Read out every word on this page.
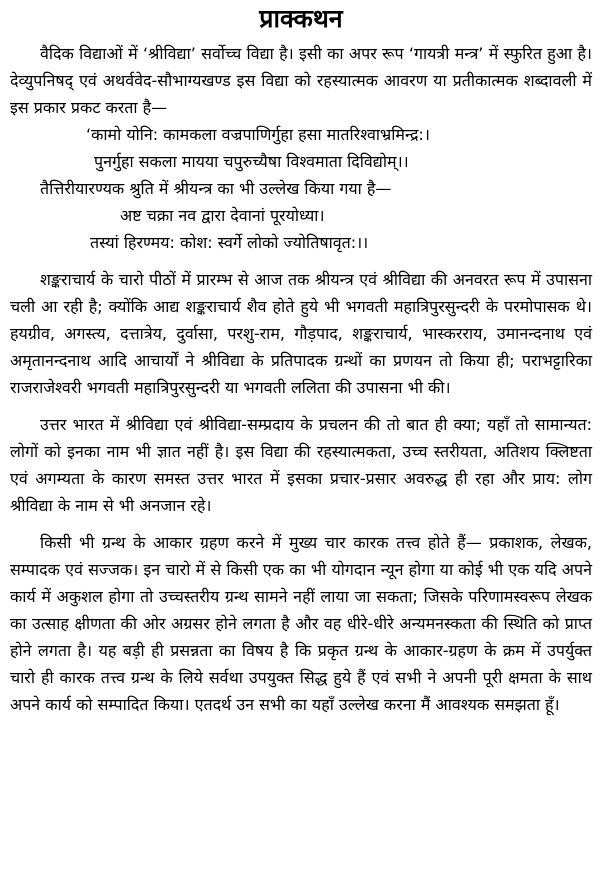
प्राक्कथन

वैदिक विद्याओं में ‘श्रीविद्या’ सर्वोच्च विद्या है। इसी का अपर रूप ‘गायत्री मन्त्र’ में स्फुरित हुआ है। देव्युपनिषद् एवं अथर्ववेद-सौभाग्यखण्ड इस विद्या को रहस्यात्मक आवरण या प्रतीकात्मक शब्दावली में इस प्रकार प्रकट करता है—

‘कामो योनि: कामकला वज्रपाणिर्गुहा हसा मातरिश्वाभ्रमिन्द्र:।
पुनर्गुहा सकला मायया चपुरुच्यैषा विश्वमाता दिविद्योम्।।

तैत्तिरीयारण्यक श्रुति में श्रीयन्त्र का भी उल्लेख किया गया है—

अष्ट चक्रा नव द्वारा देवानां पूरयोध्या।
तस्यां हिरण्मय: कोश: स्वर्गे लोको ज्योतिषावृत:।।

शङ्कराचार्य के चारो पीठों में प्रारम्भ से आज तक श्रीयन्त्र एवं श्रीविद्या की अनवरत रूप में उपासना चली आ रही है; क्योंकि आद्य शङ्कराचार्य शैव होते हुये भी भगवती महात्रिपुरसुन्दरी के परमोपासक थे। हयग्रीव, अगस्त्य, दत्तात्रेय, दुर्वासा, परशु-राम, गौड़पाद, शङ्कराचार्य, भास्करराय, उमानन्दनाथ एवं अमृतानन्दनाथ आदि आचार्यों ने श्रीविद्या के प्रतिपादक ग्रन्थों का प्रणयन तो किया ही; पराभट्टारिका राजराजेश्वरी भगवती महात्रिपुरसुन्दरी या भगवती ललिता की उपासना भी की।

उत्तर भारत में श्रीविद्या एवं श्रीविद्या-सम्प्रदाय के प्रचलन की तो बात ही क्या; यहाँ तो सामान्यत: लोगों को इनका नाम भी ज्ञात नहीं है। इस विद्या की रहस्यात्मकता, उच्च स्तरीयता, अतिशय क्लिष्टता एवं अगम्यता के कारण समस्त उत्तर भारत में इसका प्रचार-प्रसार अवरुद्ध ही रहा और प्राय: लोग श्रीविद्या के नाम से भी अनजान रहे।

किसी भी ग्रन्थ के आकार ग्रहण करने में मुख्य चार कारक तत्त्व होते हैं— प्रकाशक, लेखक, सम्पादक एवं सज्जक। इन चारो में से किसी एक का भी योगदान न्यून होगा या कोई भी एक यदि अपने कार्य में अकुशल होगा तो उच्चस्तरीय ग्रन्थ सामने नहीं लाया जा सकता; जिसके परिणामस्वरूप लेखक का उत्साह क्षीणता की ओर अग्रसर होने लगता है और वह धीरे-धीरे अन्यमनस्कता की स्थिति को प्राप्त होने लगता है। यह बड़ी ही प्रसन्नता का विषय है कि प्रकृत ग्रन्थ के आकार-ग्रहण के क्रम में उपर्युक्त चारो ही कारक तत्त्व ग्रन्थ के लिये सर्वथा उपयुक्त सिद्ध हुये हैं एवं सभी ने अपनी पूरी क्षमता के साथ अपने कार्य को सम्पादित किया। एतदर्थ उन सभी का यहाँ उल्लेख करना मैं आवश्यक समझता हूँ।
